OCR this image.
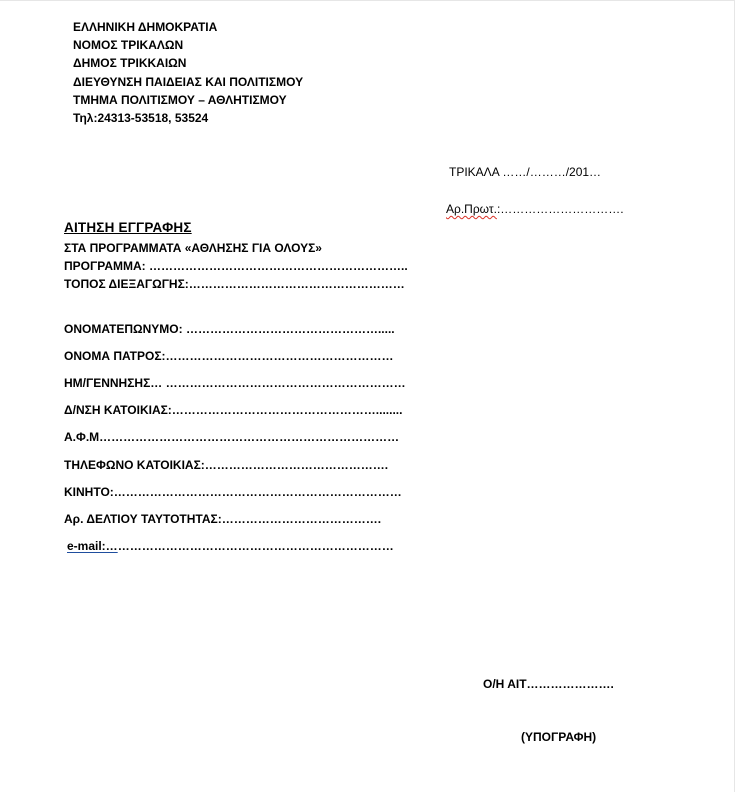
ΕΛΛΗΝΙΚΗ ΔΗΜΟΚΡΑΤΙΑ
ΝΟΜΟΣ ΤΡΙΚΑΛΩΝ
ΔΗΜΟΣ ΤΡΙΚΚΑΙΩΝ
ΔΙΕΥΘΥΝΣΗ ΠΑΙΔΕΙΑΣ ΚΑΙ ΠΟΛΙΤΙΣΜΟΥ
ΤΜΗΜΑ ΠΟΛΙΤΙΣΜΟΥ – ΑΘΛΗΤΙΣΜΟΥ
Τηλ:24313-53518, 53524
ΤΡΙΚΑΛΑ ……/………/201…
Αρ.Πρωτ.:………………………….
ΑΙΤΗΣΗ ΕΓΓΡΑΦΗΣ
ΣΤΑ ΠΡΟΓΡΑΜΜΑΤΑ «ΑΘΛΗΣΗΣ ΓΙΑ ΟΛΟΥΣ»
ΠΡΟΓΡΑΜΜΑ: ………………………………………………………..
ΤΟΠΟΣ ΔΙΕΞΑΓΩΓΗΣ:………………………………………………
ΟΝΟΜΑΤΕΠΩΝΥΜΟ: ………………………………………….....
ΟΝΟΜΑ ΠΑΤΡΟΣ:…………………………………………………
ΗΜ/ΓΕΝΝΗΣΗΣ… ……………………………………………………
Δ/ΝΣΗ ΚΑΤΟΙΚΙΑΣ:……………………………………………........
Α.Φ.Μ…………………………………………………………………
ΤΗΛΕΦΩΝΟ ΚΑΤΟΙΚΙΑΣ:……………………………………….
ΚΙΝΗΤΟ:………………………………………………………………
Αρ. ΔΕΛΤΙΟΥ ΤΑΥΤΟΤΗΤΑΣ:………………………………….
e-mail:………………………………………………………………
Ο/Η ΑΙΤ………………….
(ΥΠΟΓΡΑΦΗ)
